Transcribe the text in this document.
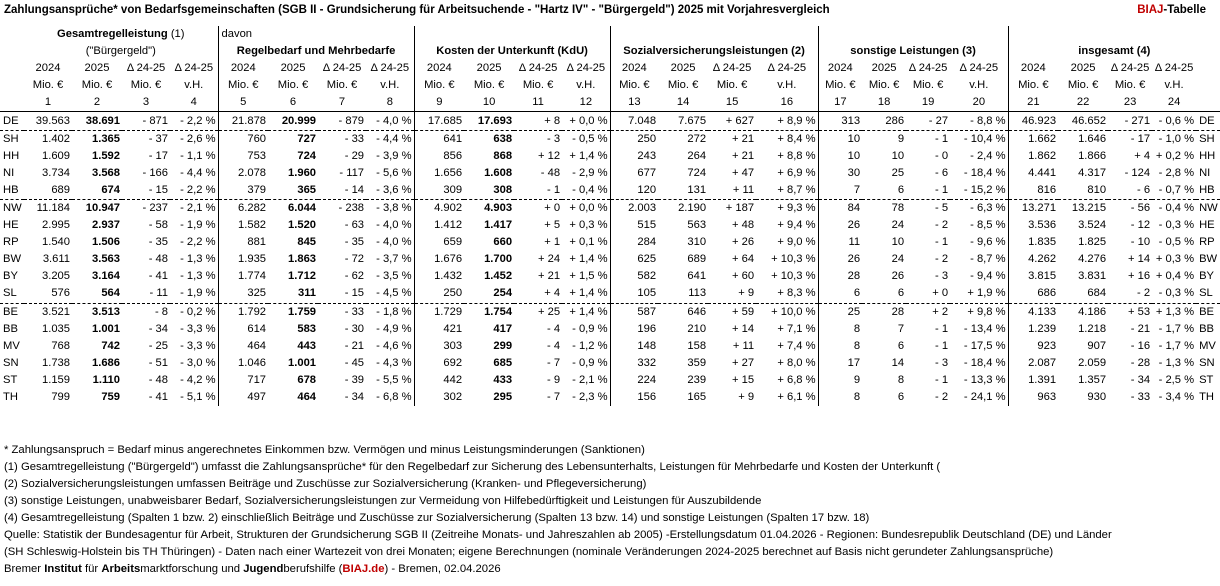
Zahlungsansprüche* von Bedarfsgemeinschaften (SGB II - Grundsicherung für Arbeitsuchende - "Hartz IV" - "Bürgergeld") 2025 mit Vorjahresvergleich	BIAJ-Tabelle
	Gesamtregelleistung (1)				davon																				
	("Bürgergeld")				Regelbedarf und Mehrbedarfe				Kosten der Unterkunft (KdU)				Sozialversicherungsleistungen (2)				sonstige Leistungen (3)				insgesamt (4)				
	2024	2025	Δ 24-25	Δ 24-25	2024	2025	Δ 24-25	Δ 24-25	2024	2025	Δ 24-25	Δ 24-25	2024	2025	Δ 24-25	Δ 24-25	2024	2025	Δ 24-25	Δ 24-25	2024	2025	Δ 24-25	Δ 24-25	
	Mio. €	Mio. €	Mio. €	v.H.	Mio. €	Mio. €	Mio. €	v.H.	Mio. €	Mio. €	Mio. €	v.H.	Mio. €	Mio. €	Mio. €	v.H.	Mio. €	Mio. €	Mio. €	v.H.	Mio. €	Mio. €	Mio. €	v.H.	
	1	2	3	4	5	6	7	8	9	10	11	12	13	14	15	16	17	18	19	20	21	22	23	24	
DE	39.563	38.691	- 871	- 2,2 %	21.878	20.999	- 879	- 4,0 %	17.685	17.693	+ 8	+ 0,0 %	7.048	7.675	+ 627	+ 8,9 %	313	286	- 27	- 8,8 %	46.923	46.652	- 271	- 0,6 %	DE
SH	1.402	1.365	- 37	- 2,6 %	760	727	- 33	- 4,4 %	641	638	- 3	- 0,5 %	250	272	+ 21	+ 8,4 %	10	9	- 1	- 10,4 %	1.662	1.646	- 17	- 1,0 %	SH
HH	1.609	1.592	- 17	- 1,1 %	753	724	- 29	- 3,9 %	856	868	+ 12	+ 1,4 %	243	264	+ 21	+ 8,8 %	10	10	- 0	- 2,4 %	1.862	1.866	+ 4	+ 0,2 %	HH
NI	3.734	3.568	- 166	- 4,4 %	2.078	1.960	- 117	- 5,6 %	1.656	1.608	- 48	- 2,9 %	677	724	+ 47	+ 6,9 %	30	25	- 6	- 18,4 %	4.441	4.317	- 124	- 2,8 %	NI
HB	689	674	- 15	- 2,2 %	379	365	- 14	- 3,6 %	309	308	- 1	- 0,4 %	120	131	+ 11	+ 8,7 %	7	6	- 1	- 15,2 %	816	810	- 6	- 0,7 %	HB
NW	11.184	10.947	- 237	- 2,1 %	6.282	6.044	- 238	- 3,8 %	4.902	4.903	+ 0	+ 0,0 %	2.003	2.190	+ 187	+ 9,3 %	84	78	- 5	- 6,3 %	13.271	13.215	- 56	- 0,4 %	NW
HE	2.995	2.937	- 58	- 1,9 %	1.582	1.520	- 63	- 4,0 %	1.412	1.417	+ 5	+ 0,3 %	515	563	+ 48	+ 9,4 %	26	24	- 2	- 8,5 %	3.536	3.524	- 12	- 0,3 %	HE
RP	1.540	1.506	- 35	- 2,2 %	881	845	- 35	- 4,0 %	659	660	+ 1	+ 0,1 %	284	310	+ 26	+ 9,0 %	11	10	- 1	- 9,6 %	1.835	1.825	- 10	- 0,5 %	RP
BW	3.611	3.563	- 48	- 1,3 %	1.935	1.863	- 72	- 3,7 %	1.676	1.700	+ 24	+ 1,4 %	625	689	+ 64	+ 10,3 %	26	24	- 2	- 8,7 %	4.262	4.276	+ 14	+ 0,3 %	BW
BY	3.205	3.164	- 41	- 1,3 %	1.774	1.712	- 62	- 3,5 %	1.432	1.452	+ 21	+ 1,5 %	582	641	+ 60	+ 10,3 %	28	26	- 3	- 9,4 %	3.815	3.831	+ 16	+ 0,4 %	BY
SL	576	564	- 11	- 1,9 %	325	311	- 15	- 4,5 %	250	254	+ 4	+ 1,4 %	105	113	+ 9	+ 8,3 %	6	6	+ 0	+ 1,9 %	686	684	- 2	- 0,3 %	SL
BE	3.521	3.513	- 8	- 0,2 %	1.792	1.759	- 33	- 1,8 %	1.729	1.754	+ 25	+ 1,4 %	587	646	+ 59	+ 10,0 %	25	28	+ 2	+ 9,8 %	4.133	4.186	+ 53	+ 1,3 %	BE
BB	1.035	1.001	- 34	- 3,3 %	614	583	- 30	- 4,9 %	421	417	- 4	- 0,9 %	196	210	+ 14	+ 7,1 %	8	7	- 1	- 13,4 %	1.239	1.218	- 21	- 1,7 %	BB
MV	768	742	- 25	- 3,3 %	464	443	- 21	- 4,6 %	303	299	- 4	- 1,2 %	148	158	+ 11	+ 7,4 %	8	6	- 1	- 17,5 %	923	907	- 16	- 1,7 %	MV
SN	1.738	1.686	- 51	- 3,0 %	1.046	1.001	- 45	- 4,3 %	692	685	- 7	- 0,9 %	332	359	+ 27	+ 8,0 %	17	14	- 3	- 18,4 %	2.087	2.059	- 28	- 1,3 %	SN
ST	1.159	1.110	- 48	- 4,2 %	717	678	- 39	- 5,5 %	442	433	- 9	- 2,1 %	224	239	+ 15	+ 6,8 %	9	8	- 1	- 13,3 %	1.391	1.357	- 34	- 2,5 %	ST
TH	799	759	- 41	- 5,1 %	497	464	- 34	- 6,8 %	302	295	- 7	- 2,3 %	156	165	+ 9	+ 6,1 %	8	6	- 2	- 24,1 %	963	930	- 33	- 3,4 %	TH
* Zahlungsanspruch = Bedarf minus angerechnetes Einkommen bzw. Vermögen und minus Leistungsminderungen (Sanktionen)
(1) Gesamtregelleistung ("Bürgergeld") umfasst die Zahlungsansprüche* für den Regelbedarf zur Sicherung des Lebensunterhalts, Leistungen für Mehrbedarfe und Kosten der Unterkunft (
(2) Sozialversicherungsleistungen umfassen Beiträge und Zuschüsse zur Sozialversicherung (Kranken- und Pflegeversicherung)
(3) sonstige Leistungen, unabweisbarer Bedarf, Sozialversicherungsleistungen zur Vermeidung von Hilfebedürftigkeit und Leistungen für Auszubildende
(4) Gesamtregelleistung (Spalten 1 bzw. 2) einschließlich Beiträge und Zuschüsse zur Sozialversicherung (Spalten 13 bzw. 14) und sonstige Leistungen (Spalten 17 bzw. 18)
Quelle: Statistik der Bundesagentur für Arbeit, Strukturen der Grundsicherung SGB II (Zeitreihe Monats- und Jahreszahlen ab 2005) -Erstellungsdatum 01.04.2026 - Regionen: Bundesrepublik Deutschland (DE) und Länder
(SH Schleswig-Holstein bis TH Thüringen) - Daten nach einer Wartezeit von drei Monaten; eigene Berechnungen (nominale Veränderungen 2024-2025 berechnet auf Basis nicht gerundeter Zahlungsansprüche)
Bremer Institut für Arbeitsmarktforschung und Jugendberufshilfe (BIAJ.de) - Bremen, 02.04.2026
